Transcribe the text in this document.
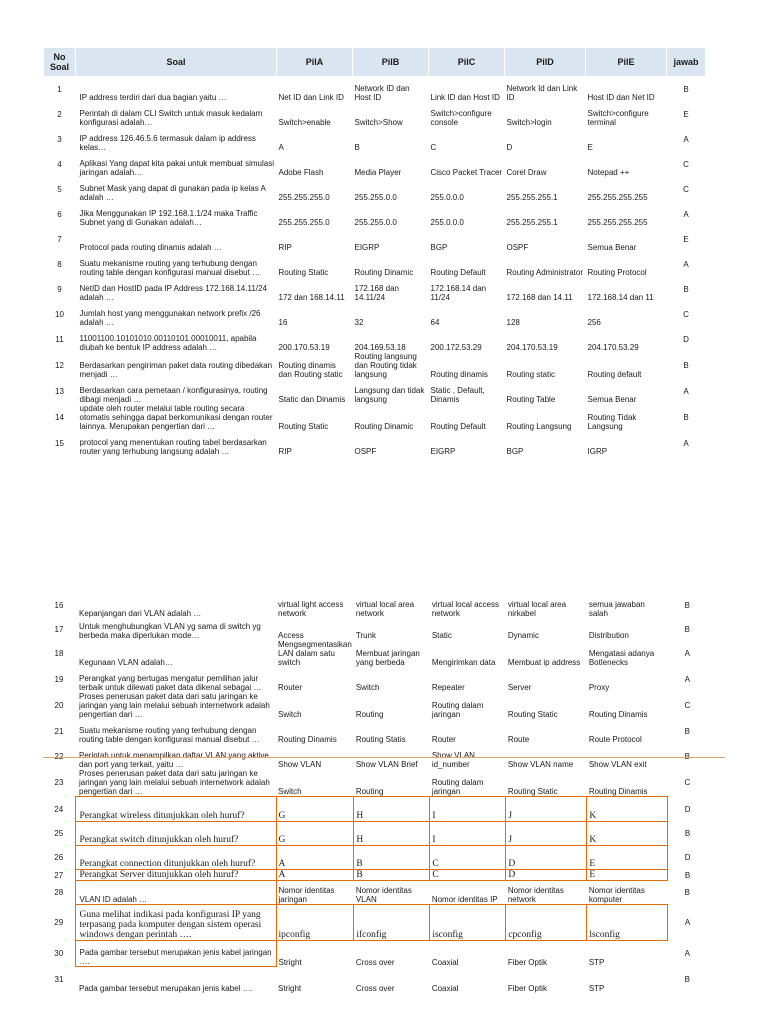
No Soal	Soal	PilA	PilB	PilC	PilD	PilE	jawab
1	IP address terdiri dari dua bagian yaitu …	Net ID dan Link ID	Network ID dan Host ID	Link ID dan Host ID	Network Id dan Link ID	Host ID dan Net ID	B
2	Perintah di dalam CLI Switch untuk masuk kedalam konfigurasi adalah…	Switch>enable	Switch>Show	Switch>configure console	Switch>login	Switch>configure terminal	E
3	IP address 126.46.5.6 termasuk dalam ip address kelas…	A	B	C	D	E	A
4	Aplikasi Yang dapat kita pakai untuk membuat simulasi jaringan adalah…	Adobe Flash	Media Player	Cisco Packet Tracer	Corel Draw	Notepad ++	C
5	Subnet Mask yang dapat di gunakan pada ip kelas A adalah …	255.255.255.0	255.255.0.0	255.0.0.0	255.255.255.1	255.255.255.255	C
6	Jika Menggunakan IP 192.168.1.1/24 maka Traffic Subnet yang di Gunakan adalah…	255.255.255.0	255.255.0.0	255.0.0.0	255.255.255.1	255.255.255.255	A
7	Protocol pada routing dinamis adalah …	RIP	EIGRP	BGP	OSPF	Semua Benar	E
8	Suatu mekanisme routing yang terhubung dengan routing table dengan konfigurasi manual disebut …	Routing Static	Routing Dinamic	Routing Default	Routing Administrator	Routing Protocol	A
9	NetID dan HostID pada IP Address 172.168.14.11/24 adalah …	172 dan 168.14.11	172.168 dan 14.11/24	172.168.14 dan 11/24	172.168 dan 14.11	172.168.14 dan 11	B
10	Jumlah host yang menggunakan network prefix /26 adalah …	16	32	64	128	256	C
11	11001100.10101010.00110101.00010011, apabila diubah ke bentuk IP address adalah …	200.170.53.19	204.169.53.18	200.172.53.29	204.170.53.19	204.170.53.29	D
12	Berdasarkan pengiriman paket data routing dibedakan menjadi …	Routing dinamis dan Routing static	Routing langsung dan Routing tidak langsung	Routing dinamis	Routing static	Routing default	B
13	Berdasarkan cara pemetaan / konfigurasinya, routing dibagi menjadi …	Static dan Dinamis	Langsung dan tidak langsung	Static , Default, Dinamis	Routing Table	Semua Benar	A
14	update oleh router melalui table routing secara otomatis sehingga dapat berkomunikasi dengan router lainnya. Merupakan pengertian dari …	Routing Static	Routing Dinamic	Routing Default	Routing Langsung	Routing Tidak Langsung	B
15	protocol yang menentukan routing tabel berdasarkan router yang terhubung langsung adalah …	RIP	OSPF	EIGRP	BGP	IGRP	A
16	Kepanjangan dari VLAN adalah …	virtual light access network	virtual local area network	virtual local access network	virtual local area nirkabel	semua jawaban salah	B
17	Untuk menghubungkan VLAN yg sama di switch yg berbeda maka diperlukan mode…	Access	Trunk	Static	Dynamic	Distribution	B
18	Kegunaan VLAN adalah…	Mengsegmentasikan LAN dalam satu switch	Membuat jaringan yang berbeda	Mengirimkan data	Membuat ip address	Mengatasi adanya Botlenecks	A
19	Perangkat yang bertugas mengatur pemilihan jalur terbaik untuk dilewati paket data dikenal sebagai …	Router	Switch	Repeater	Server	Proxy	A
20	Proses penerusan paket data dari satu jaringan ke jaringan yang lain melalui sebuah internetwork adalah pengertian dari …	Switch	Routing	Routing dalam jaringan	Routing Static	Routing Dinamis	C
21	Suatu mekanisme routing yang terhubung dengan routing table dengan konfigurasi manual disebut …	Routing Dinamis	Routing Statis	Router	Route	Route Protocol	B
22	Perintah untuk menampilkan daftar VLAN yang aktive dan port yang terkait, yaitu …	Show VLAN	Show VLAN Brief	Show VLAN id_number	Show VLAN name	Show VLAN exit	B
23	Proses penerusan paket data dari satu jaringan ke jaringan yang lain melalui sebuah internetwork adalah pengertian dari …	Switch	Routing	Routing dalam jaringan	Routing Static	Routing Dinamis	C
24	Perangkat wireless ditunjukkan oleh huruf?	G	H	I	J	K	D
25	Perangkat switch ditunjukkan oleh huruf?	G	H	I	J	K	B
26	Perangkat connection ditunjukkan oleh huruf?	A	B	C	D	E	D
27	Perangkat Server ditunjukkan oleh huruf?	A	B	C	D	E	B
28	VLAN ID adalah …	Nomor identitas jaringan	Nomor identitas VLAN	Nomor identitas IP	Nomor identitas network	Nomor identitas komputer	B
29	Guna melihat indikasi pada konfigurasi IP yang terpasang pada komputer dengan sistem operasi windows dengan perintah ….	ipconfig	ifconfig	isconfig	cpconfig	lsconfig	A
30	Pada gambar tersebut merupakan jenis kabel jaringan ….	Stright	Cross over	Coaxial	Fiber Optik	STP	A
31	Pada gambar tersebut merupakan jenis kabel ….	Stright	Cross over	Coaxial	Fiber Optik	STP	B
